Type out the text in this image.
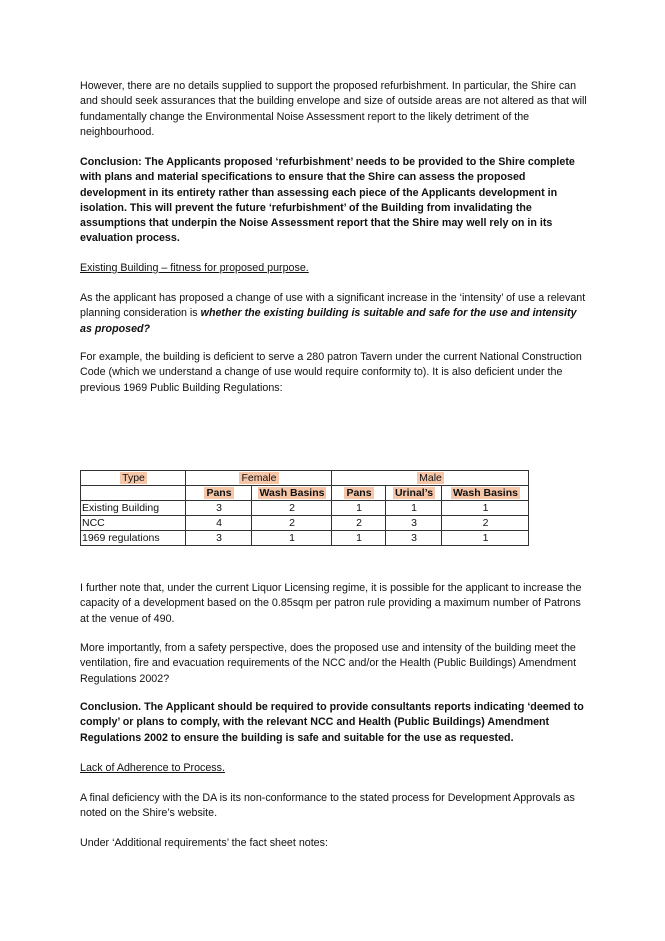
However, there are no details supplied to support the proposed refurbishment. In particular, the Shire can and should seek assurances that the building envelope and size of outside areas are not altered as that will fundamentally change the Environmental Noise Assessment report to the likely detriment of the neighbourhood.

Conclusion: The Applicants proposed ‘refurbishment’ needs to be provided to the Shire complete with plans and material specifications to ensure that the Shire can assess the proposed development in its entirety rather than assessing each piece of the Applicants development in isolation. This will prevent the future ‘refurbishment’ of the Building from invalidating the assumptions that underpin the Noise Assessment report that the Shire may well rely on in its evaluation process.

Existing Building – fitness for proposed purpose.

As the applicant has proposed a change of use with a significant increase in the ‘intensity’ of use a relevant planning consideration is whether the existing building is suitable and safe for the use and intensity as proposed?

For example, the building is deficient to serve a 280 patron Tavern under the current National Construction Code (which we understand a change of use would require conformity to). It is also deficient under the previous 1969 Public Building Regulations:

Type	Female		Male		
	Pans	Wash Basins	Pans	Urinal’s	Wash Basins
Existing Building	3	2	1	1	1
NCC	4	2	2	3	2
1969 regulations	3	1	1	3	1

I further note that, under the current Liquor Licensing regime, it is possible for the applicant to increase the capacity of a development based on the 0.85sqm per patron rule providing a maximum number of Patrons at the venue of 490.

More importantly, from a safety perspective, does the proposed use and intensity of the building meet the ventilation, fire and evacuation requirements of the NCC and/or the Health (Public Buildings) Amendment Regulations 2002?

Conclusion. The Applicant should be required to provide consultants reports indicating ‘deemed to comply’ or plans to comply, with the relevant NCC and Health (Public Buildings) Amendment Regulations 2002 to ensure the building is safe and suitable for the use as requested.

Lack of Adherence to Process.

A final deficiency with the DA is its non-conformance to the stated process for Development Approvals as noted on the Shire’s website.

Under ‘Additional requirements’ the fact sheet notes:
